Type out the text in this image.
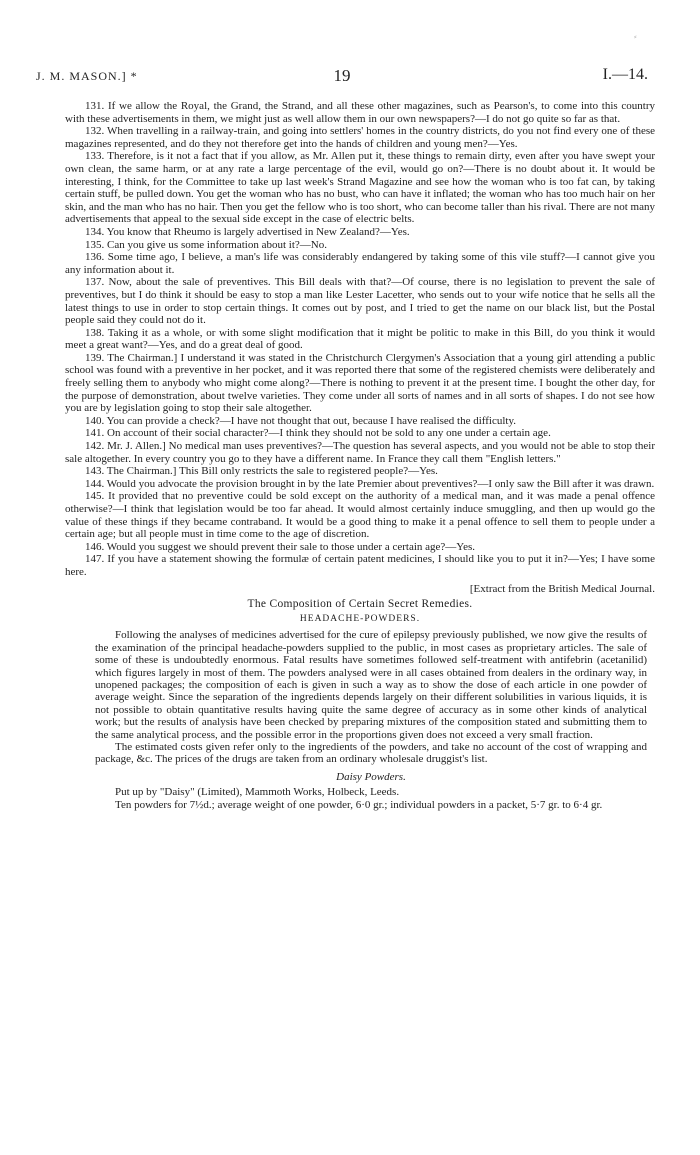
⸗
J. M. MASON.] *	19	I.—14.

131. If we allow the Royal, the Grand, the Strand, and all these other magazines, such as Pearson's, to come into this country with these advertisements in them, we might just as well allow them in our own newspapers?—I do not go quite so far as that.

132. When travelling in a railway-train, and going into settlers' homes in the country districts, do you not find every one of these magazines represented, and do they not therefore get into the hands of children and young men?—Yes.

133. Therefore, is it not a fact that if you allow, as Mr. Allen put it, these things to remain dirty, even after you have swept your own clean, the same harm, or at any rate a large percentage of the evil, would go on?—There is no doubt about it. It would be interesting, I think, for the Committee to take up last week's Strand Magazine and see how the woman who is too fat can, by taking certain stuff, be pulled down. You get the woman who has no bust, who can have it inflated; the woman who has too much hair on her skin, and the man who has no hair. Then you get the fellow who is too short, who can become taller than his rival. There are not many advertisements that appeal to the sexual side except in the case of electric belts.

134. You know that Rheumo is largely advertised in New Zealand?—Yes.

135. Can you give us some information about it?—No.

136. Some time ago, I believe, a man's life was considerably endangered by taking some of this vile stuff?—I cannot give you any information about it.

137. Now, about the sale of preventives. This Bill deals with that?—Of course, there is no legislation to prevent the sale of preventives, but I do think it should be easy to stop a man like Lester Lacetter, who sends out to your wife notice that he sells all the latest things to use in order to stop certain things. It comes out by post, and I tried to get the name on our black list, but the Postal people said they could not do it.

138. Taking it as a whole, or with some slight modification that it might be politic to make in this Bill, do you think it would meet a great want?—Yes, and do a great deal of good.

139. The Chairman.] I understand it was stated in the Christchurch Clergymen's Association that a young girl attending a public school was found with a preventive in her pocket, and it was reported there that some of the registered chemists were deliberately and freely selling them to anybody who might come along?—There is nothing to prevent it at the present time. I bought the other day, for the purpose of demonstration, about twelve varieties. They come under all sorts of names and in all sorts of shapes. I do not see how you are by legislation going to stop their sale altogether.

140. You can provide a check?—I have not thought that out, because I have realised the difficulty.

141. On account of their social character?—I think they should not be sold to any one under a certain age.

142. Mr. J. Allen.] No medical man uses preventives?—The question has several aspects, and you would not be able to stop their sale altogether. In every country you go to they have a different name. In France they call them "English letters."

143. The Chairman.] This Bill only restricts the sale to registered people?—Yes.

144. Would you advocate the provision brought in by the late Premier about preventives?—I only saw the Bill after it was drawn.

145. It provided that no preventive could be sold except on the authority of a medical man, and it was made a penal offence otherwise?—I think that legislation would be too far ahead. It would almost certainly induce smuggling, and then up would go the value of these things if they became contraband. It would be a good thing to make it a penal offence to sell them to people under a certain age; but all people must in time come to the age of discretion.

146. Would you suggest we should prevent their sale to those under a certain age?—Yes.

147. If you have a statement showing the formulæ of certain patent medicines, I should like you to put it in?—Yes; I have some here.

[Extract from the British Medical Journal.

The Composition of Certain Secret Remedies.

HEADACHE-POWDERS.

Following the analyses of medicines advertised for the cure of epilepsy previously published, we now give the results of the examination of the principal headache-powders supplied to the public, in most cases as proprietary articles. The sale of some of these is undoubtedly enormous. Fatal results have sometimes followed self-treatment with antifebrin (acetanilid) which figures largely in most of them. The powders analysed were in all cases obtained from dealers in the ordinary way, in unopened packages; the composition of each is given in such a way as to show the dose of each article in one powder of average weight. Since the separation of the ingredients depends largely on their different solubilities in various liquids, it is not possible to obtain quantitative results having quite the same degree of accuracy as in some other kinds of analytical work; but the results of analysis have been checked by preparing mixtures of the composition stated and submitting them to the same analytical process, and the possible error in the proportions given does not exceed a very small fraction.

The estimated costs given refer only to the ingredients of the powders, and take no account of the cost of wrapping and package, &c. The prices of the drugs are taken from an ordinary wholesale druggist's list.

Daisy Powders.

Put up by "Daisy" (Limited), Mammoth Works, Holbeck, Leeds.

Ten powders for 7½d.; average weight of one powder, 6·0 gr.; individual powders in a packet, 5·7 gr. to 6·4 gr.
